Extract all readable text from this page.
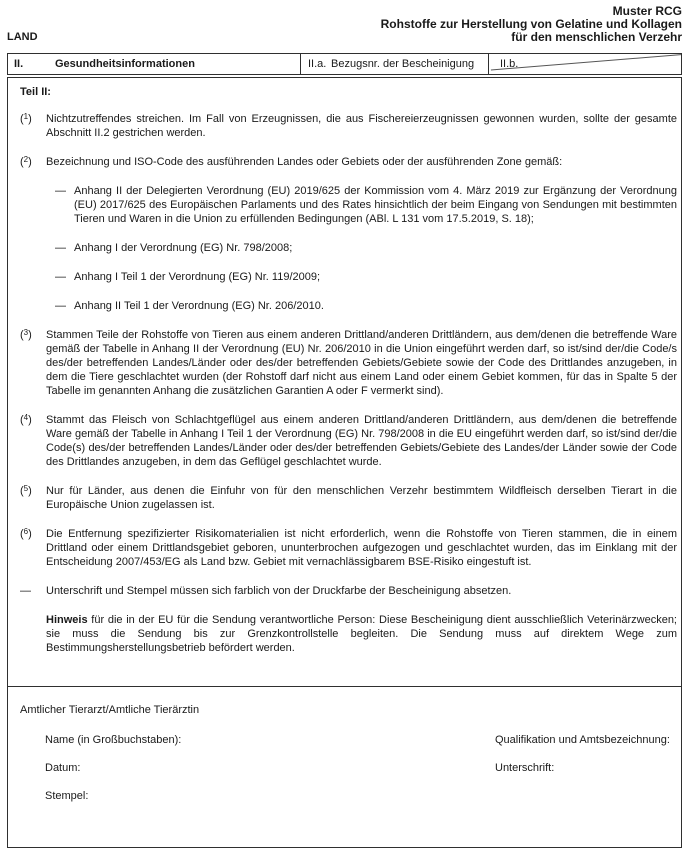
LAND
Muster RCG
Rohstoffe zur Herstellung von Gelatine und Kollagen
für den menschlichen Verzehr
II.	Gesundheitsinformationen	II.a. Bezugsnr. der Bescheinigung II.b.
Teil II:
($^1$)	Nichtzutreffendes streichen. Im Fall von Erzeugnissen, die aus Fischereierzeugnissen gewonnen wurden, sollte der gesamte Abschnitt II.2 gestrichen werden.
($^2$)	Bezeichnung und ISO-Code des ausführenden Landes oder Gebiets oder der ausführenden Zone gemäß:
— Anhang II der Delegierten Verordnung (EU) 2019/625 der Kommission vom 4. März 2019 zur Ergänzung der Verordnung (EU) 2017/625 des Europäischen Parlaments und des Rates hinsichtlich der beim Eingang von Sendungen mit bestimmten Tieren und Waren in die Union zu erfüllenden Bedingungen (ABl. L 131 vom 17.5.2019, S. 18);
— Anhang I der Verordnung (EG) Nr. 798/2008;
— Anhang I Teil 1 der Verordnung (EG) Nr. 119/2009;
— Anhang II Teil 1 der Verordnung (EG) Nr. 206/2010.
($^3$)	Stammen Teile der Rohstoffe von Tieren aus einem anderen Drittland/anderen Drittländern, aus dem/denen die betreffende Ware gemäß der Tabelle in Anhang II der Verordnung (EU) Nr. 206/2010 in die Union eingeführt werden darf, so ist/sind der/die Code/s des/der betreffenden Landes/Länder oder des/der betreffenden Gebiets/Gebiete sowie der Code des Drittlandes anzugeben, in dem die Tiere geschlachtet wurden (der Rohstoff darf nicht aus einem Land oder einem Gebiet kommen, für das in Spalte 5 der Tabelle im genannten Anhang die zusätzlichen Garantien A oder F vermerkt sind).
($^4$)	Stammt das Fleisch von Schlachtgeflügel aus einem anderen Drittland/anderen Drittländern, aus dem/denen die betreffende Ware gemäß der Tabelle in Anhang I Teil 1 der Verordnung (EG) Nr. 798/2008 in die EU eingeführt werden darf, so ist/sind der/die Code(s) des/der betreffenden Landes/Länder oder des/der betreffenden Gebiets/Gebiete des Landes/der Länder sowie der Code des Drittlandes anzugeben, in dem das Geflügel geschlachtet wurde.
($^5$)	Nur für Länder, aus denen die Einfuhr von für den menschlichen Verzehr bestimmtem Wildfleisch derselben Tierart in die Europäische Union zugelassen ist.
($^6$)	Die Entfernung spezifizierter Risikomaterialien ist nicht erforderlich, wenn die Rohstoffe von Tieren stammen, die in einem Drittland oder einem Drittlandsgebiet geboren, ununterbrochen aufgezogen und geschlachtet wurden, das im Einklang mit der Entscheidung 2007/453/EG als Land bzw. Gebiet mit vernachlässigbarem BSE-Risiko eingestuft ist.
—	Unterschrift und Stempel müssen sich farblich von der Druckfarbe der Bescheinigung absetzen.
Hinweis für die in der EU für die Sendung verantwortliche Person: Diese Bescheinigung dient ausschließlich Veterinärzwecken; sie muss die Sendung bis zur Grenzkontrollstelle begleiten. Die Sendung muss auf direktem Wege zum Bestimmungsherstellungsbetrieb befördert werden.
Amtlicher Tierarzt/Amtliche Tierärztin
Name (in Großbuchstaben):	Qualifikation und Amtsbezeichnung:
Datum:	Unterschrift:
Stempel:
